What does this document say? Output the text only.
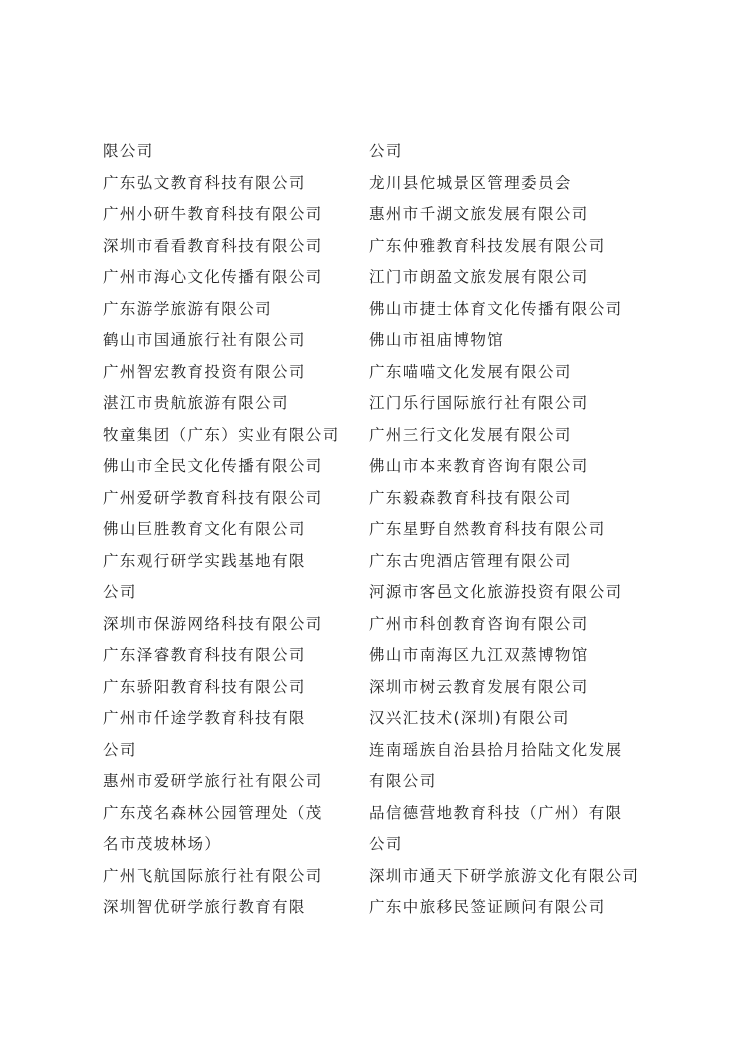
限公司
广东弘文教育科技有限公司
广州小研牛教育科技有限公司
深圳市看看教育科技有限公司
广州市海心文化传播有限公司
广东游学旅游有限公司
鹤山市国通旅行社有限公司
广州智宏教育投资有限公司
湛江市贵航旅游有限公司
牧童集团（广东）实业有限公司
佛山市全民文化传播有限公司
广州爱研学教育科技有限公司
佛山巨胜教育文化有限公司
广东观行研学实践基地有限
公司
深圳市保游网络科技有限公司
广东泽睿教育科技有限公司
广东骄阳教育科技有限公司
广州市仟途学教育科技有限
公司
惠州市爱研学旅行社有限公司
广东茂名森林公园管理处（茂
名市茂坡林场）
广州飞航国际旅行社有限公司
深圳智优研学旅行教育有限
公司
龙川县佗城景区管理委员会
惠州市千湖文旅发展有限公司
广东仲雅教育科技发展有限公司
江门市朗盈文旅发展有限公司
佛山市捷士体育文化传播有限公司
佛山市祖庙博物馆
广东喵喵文化发展有限公司
江门乐行国际旅行社有限公司
广州三行文化发展有限公司
佛山市本来教育咨询有限公司
广东毅森教育科技有限公司
广东星野自然教育科技有限公司
广东古兜酒店管理有限公司
河源市客邑文化旅游投资有限公司
广州市科创教育咨询有限公司
佛山市南海区九江双蒸博物馆
深圳市树云教育发展有限公司
汉兴汇技术(深圳)有限公司
连南瑶族自治县拾月拾陆文化发展
有限公司
品信德营地教育科技（广州）有限
公司
深圳市通天下研学旅游文化有限公司
广东中旅移民签证顾问有限公司
